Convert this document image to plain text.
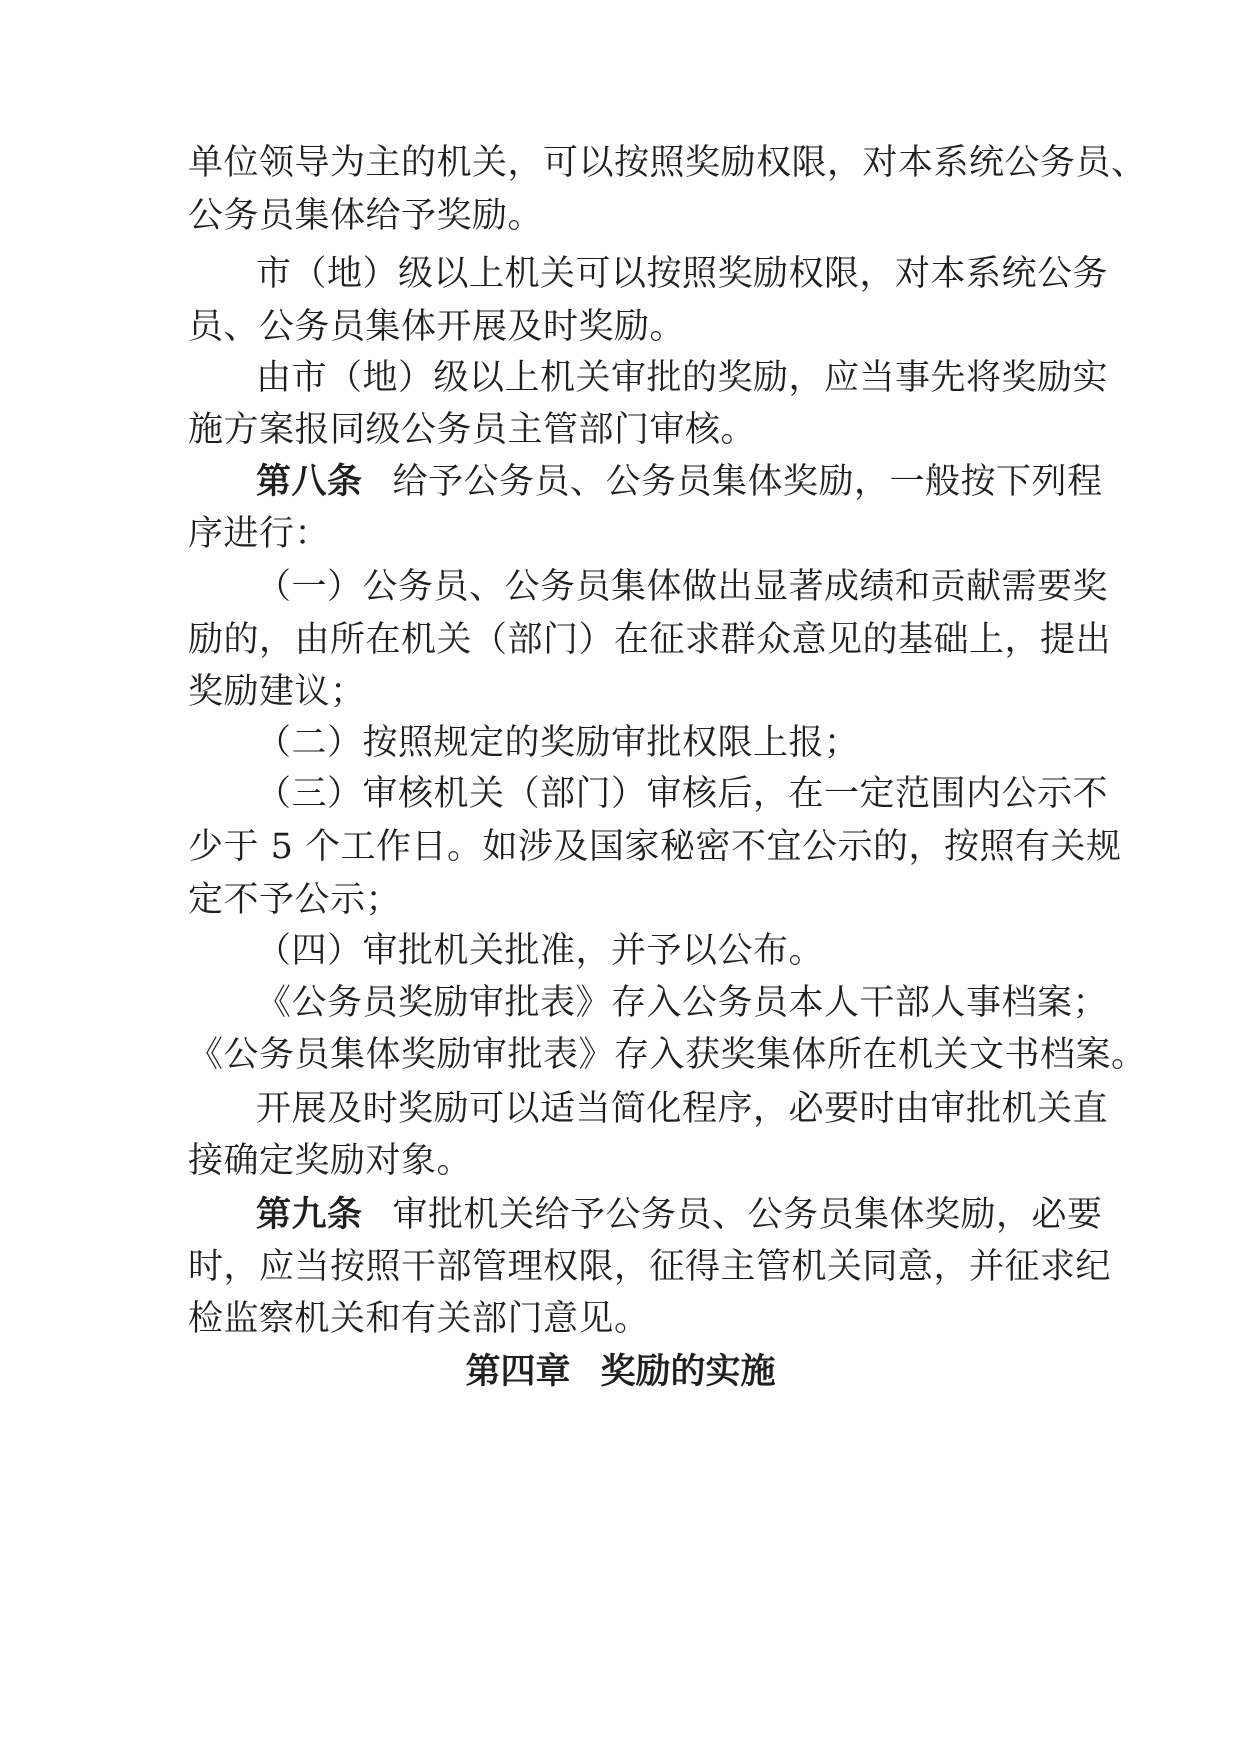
单位领导为主的机关，可以按照奖励权限，对本系统公务员、
公务员集体给予奖励。
市（地）级以上机关可以按照奖励权限，对本系统公务
员、公务员集体开展及时奖励。
由市（地）级以上机关审批的奖励，应当事先将奖励实
施方案报同级公务员主管部门审核。
第八条 给予公务员、公务员集体奖励，一般按下列程
序进行：
（一）公务员、公务员集体做出显著成绩和贡献需要奖
励的，由所在机关（部门）在征求群众意见的基础上，提出
奖励建议；
（二）按照规定的奖励审批权限上报；
（三）审核机关（部门）审核后，在一定范围内公示不
少于 5 个工作日。如涉及国家秘密不宜公示的，按照有关规
定不予公示；
（四）审批机关批准，并予以公布。
《公务员奖励审批表》存入公务员本人干部人事档案；
《公务员集体奖励审批表》存入获奖集体所在机关文书档案。
开展及时奖励可以适当简化程序，必要时由审批机关直
接确定奖励对象。
第九条 审批机关给予公务员、公务员集体奖励，必要
时，应当按照干部管理权限，征得主管机关同意，并征求纪
检监察机关和有关部门意见。
第四章 奖励的实施
